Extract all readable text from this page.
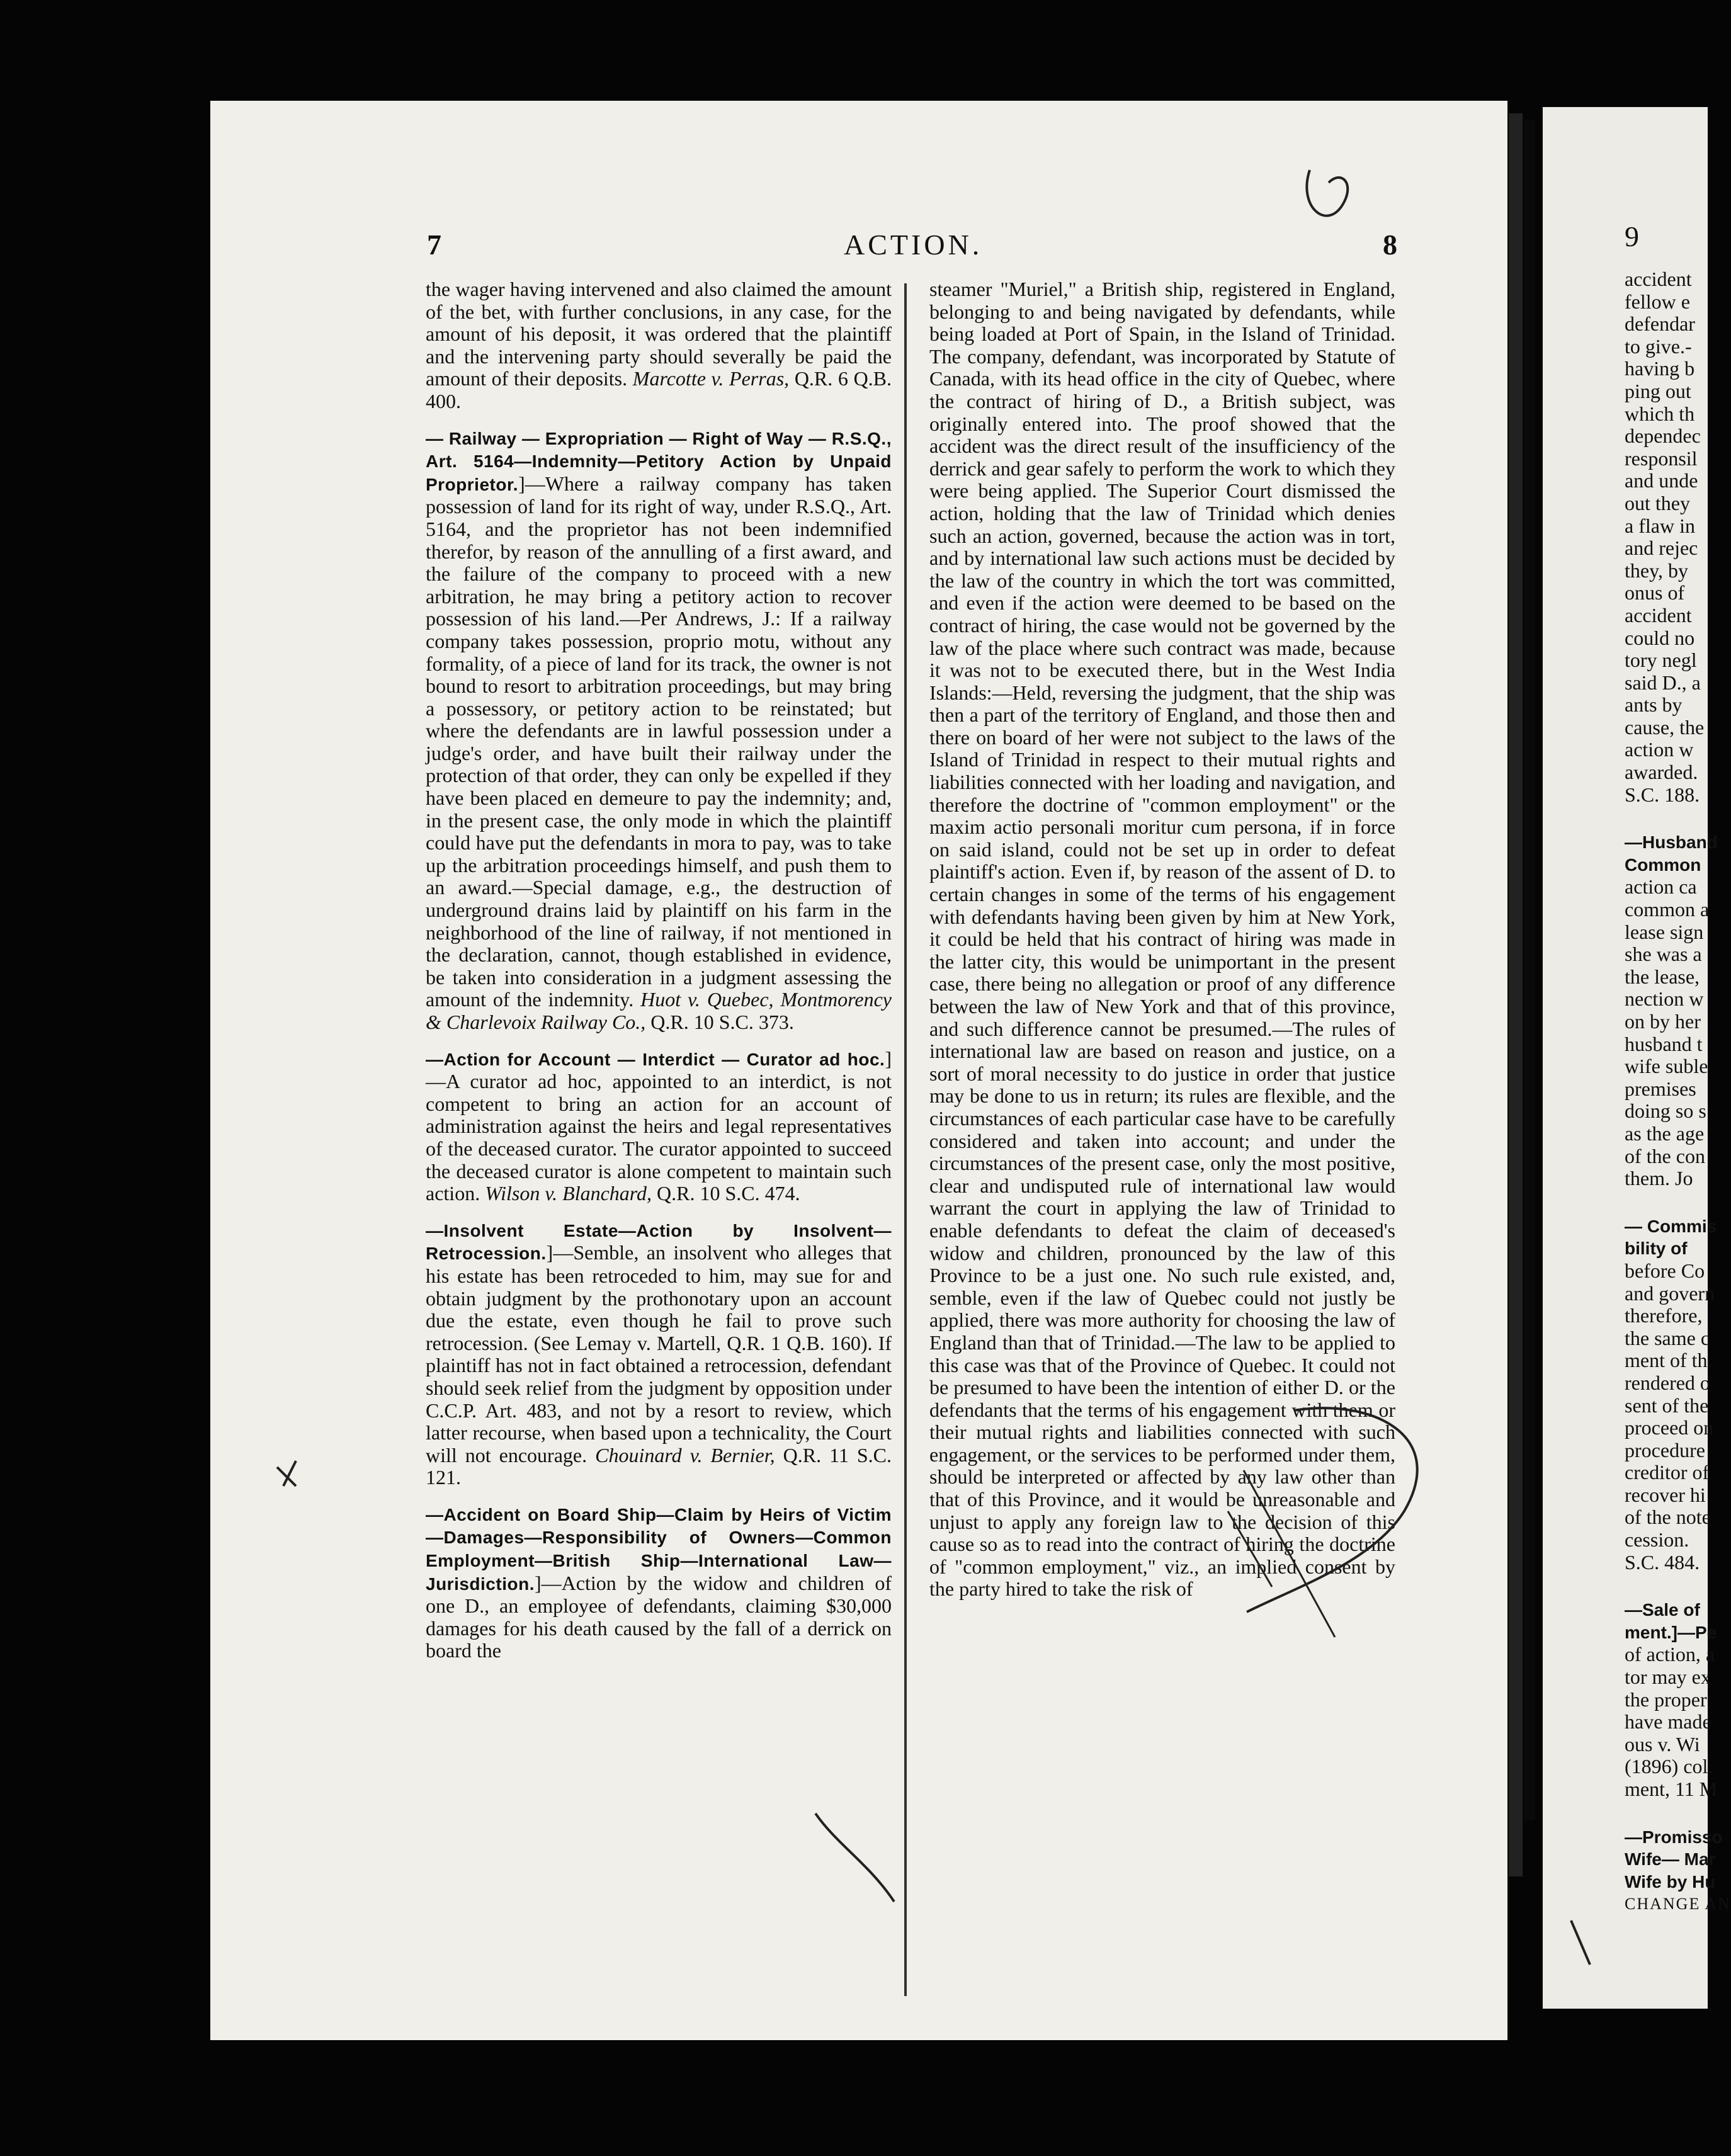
7	ACTION.	8

the wager having intervened and also claimed the amount of the bet, with further conclusions, in any case, for the amount of his deposit, it was ordered that the plaintiff and the intervening party should severally be paid the amount of their deposits. Marcotte v. Perras, Q.R. 6 Q.B. 400.

— Railway — Expropriation — Right of Way — R.S.Q., Art. 5164—Indemnity—Petitory Action by Unpaid Proprietor.]—Where a railway company has taken possession of land for its right of way, under R.S.Q., Art. 5164, and the proprietor has not been indemnified therefor, by reason of the annulling of a first award, and the failure of the company to proceed with a new arbitration, he may bring a petitory action to recover possession of his land.—Per Andrews, J.: If a railway company takes possession, proprio motu, without any formality, of a piece of land for its track, the owner is not bound to resort to arbitration proceedings, but may bring a possessory, or petitory action to be reinstated; but where the defendants are in lawful possession under a judge's order, and have built their railway under the protection of that order, they can only be expelled if they have been placed en demeure to pay the indemnity; and, in the present case, the only mode in which the plaintiff could have put the defendants in mora to pay, was to take up the arbitration proceedings himself, and push them to an award.—Special damage, e.g., the destruction of underground drains laid by plaintiff on his farm in the neighborhood of the line of railway, if not mentioned in the declaration, cannot, though established in evidence, be taken into consideration in a judgment assessing the amount of the indemnity. Huot v. Quebec, Montmorency & Charlevoix Railway Co., Q.R. 10 S.C. 373.

—Action for Account — Interdict — Curator ad hoc.]—A curator ad hoc, appointed to an interdict, is not competent to bring an action for an account of administration against the heirs and legal representatives of the deceased curator. The curator appointed to succeed the deceased curator is alone competent to maintain such action. Wilson v. Blanchard, Q.R. 10 S.C. 474.

—Insolvent Estate—Action by Insolvent—Retrocession.]—Semble, an insolvent who alleges that his estate has been retroceded to him, may sue for and obtain judgment by the prothonotary upon an account due the estate, even though he fail to prove such retrocession. (See Lemay v. Martell, Q.R. 1 Q.B. 160). If plaintiff has not in fact obtained a retrocession, defendant should seek relief from the judgment by opposition under C.C.P. Art. 483, and not by a resort to review, which latter recourse, when based upon a technicality, the Court will not encourage. Chouinard v. Bernier, Q.R. 11 S.C. 121.

—Accident on Board Ship—Claim by Heirs of Victim—Damages—Responsibility of Owners—Common Employment—British Ship—International Law—Jurisdiction.]—Action by the widow and children of one D., an employee of defendants, claiming $30,000 damages for his death caused by the fall of a derrick on board the

steamer "Muriel," a British ship, registered in England, belonging to and being navigated by defendants, while being loaded at Port of Spain, in the Island of Trinidad. The company, defendant, was incorporated by Statute of Canada, with its head office in the city of Quebec, where the contract of hiring of D., a British subject, was originally entered into. The proof showed that the accident was the direct result of the insufficiency of the derrick and gear safely to perform the work to which they were being applied. The Superior Court dismissed the action, holding that the law of Trinidad which denies such an action, governed, because the action was in tort, and by international law such actions must be decided by the law of the country in which the tort was committed, and even if the action were deemed to be based on the contract of hiring, the case would not be governed by the law of the place where such contract was made, because it was not to be executed there, but in the West India Islands:—Held, reversing the judgment, that the ship was then a part of the territory of England, and those then and there on board of her were not subject to the laws of the Island of Trinidad in respect to their mutual rights and liabilities connected with her loading and navigation, and therefore the doctrine of "common employment" or the maxim actio personali moritur cum persona, if in force on said island, could not be set up in order to defeat plaintiff's action. Even if, by reason of the assent of D. to certain changes in some of the terms of his engagement with defendants having been given by him at New York, it could be held that his contract of hiring was made in the latter city, this would be unimportant in the present case, there being no allegation or proof of any difference between the law of New York and that of this province, and such difference cannot be presumed.—The rules of international law are based on reason and justice, on a sort of moral necessity to do justice in order that justice may be done to us in return; its rules are flexible, and the circumstances of each particular case have to be carefully considered and taken into account; and under the circumstances of the present case, only the most positive, clear and undisputed rule of international law would warrant the court in applying the law of Trinidad to enable defendants to defeat the claim of deceased's widow and children, pronounced by the law of this Province to be a just one. No such rule existed, and, semble, even if the law of Quebec could not justly be applied, there was more authority for choosing the law of England than that of Trinidad.—The law to be applied to this case was that of the Province of Quebec. It could not be presumed to have been the intention of either D. or the defendants that the terms of his engagement with them or their mutual rights and liabilities connected with such engagement, or the services to be performed under them, should be interpreted or affected by any law other than that of this Province, and it would be unreasonable and unjust to apply any foreign law to the decision of this cause so as to read into the contract of hiring the doctrine of "common employment," viz., an implied consent by the party hired to take the risk of

9
accident
fellow e
defendar
to give.-
having b
ping out
which th
dependec
responsil
and unde
out they
a flaw in
and rejec
they, by
onus of
accident
could no
tory negl
said D., a
ants by
cause, the
action w
awarded.
S.C. 188.
—Husband
Common
action ca
common a
lease sign
she was a
the lease,
nection w
on by her
husband t
wife suble
premises
doing so s
as the age
of the con
them. Jo
— Commis
bility of
before Co
and govern
therefore,
the same c
ment of th
rendered o
sent of the
proceed on
procedure
creditor of
recover hi
of the note
cession.
S.C. 484.
—Sale of
ment.]—Pe
of action, a
tor may ex
the proper
have made
ous v. Wi
(1896) col.
ment, 11 M
—Promisso
Wife— Mar
Wife by Hu
CHANGE AN
